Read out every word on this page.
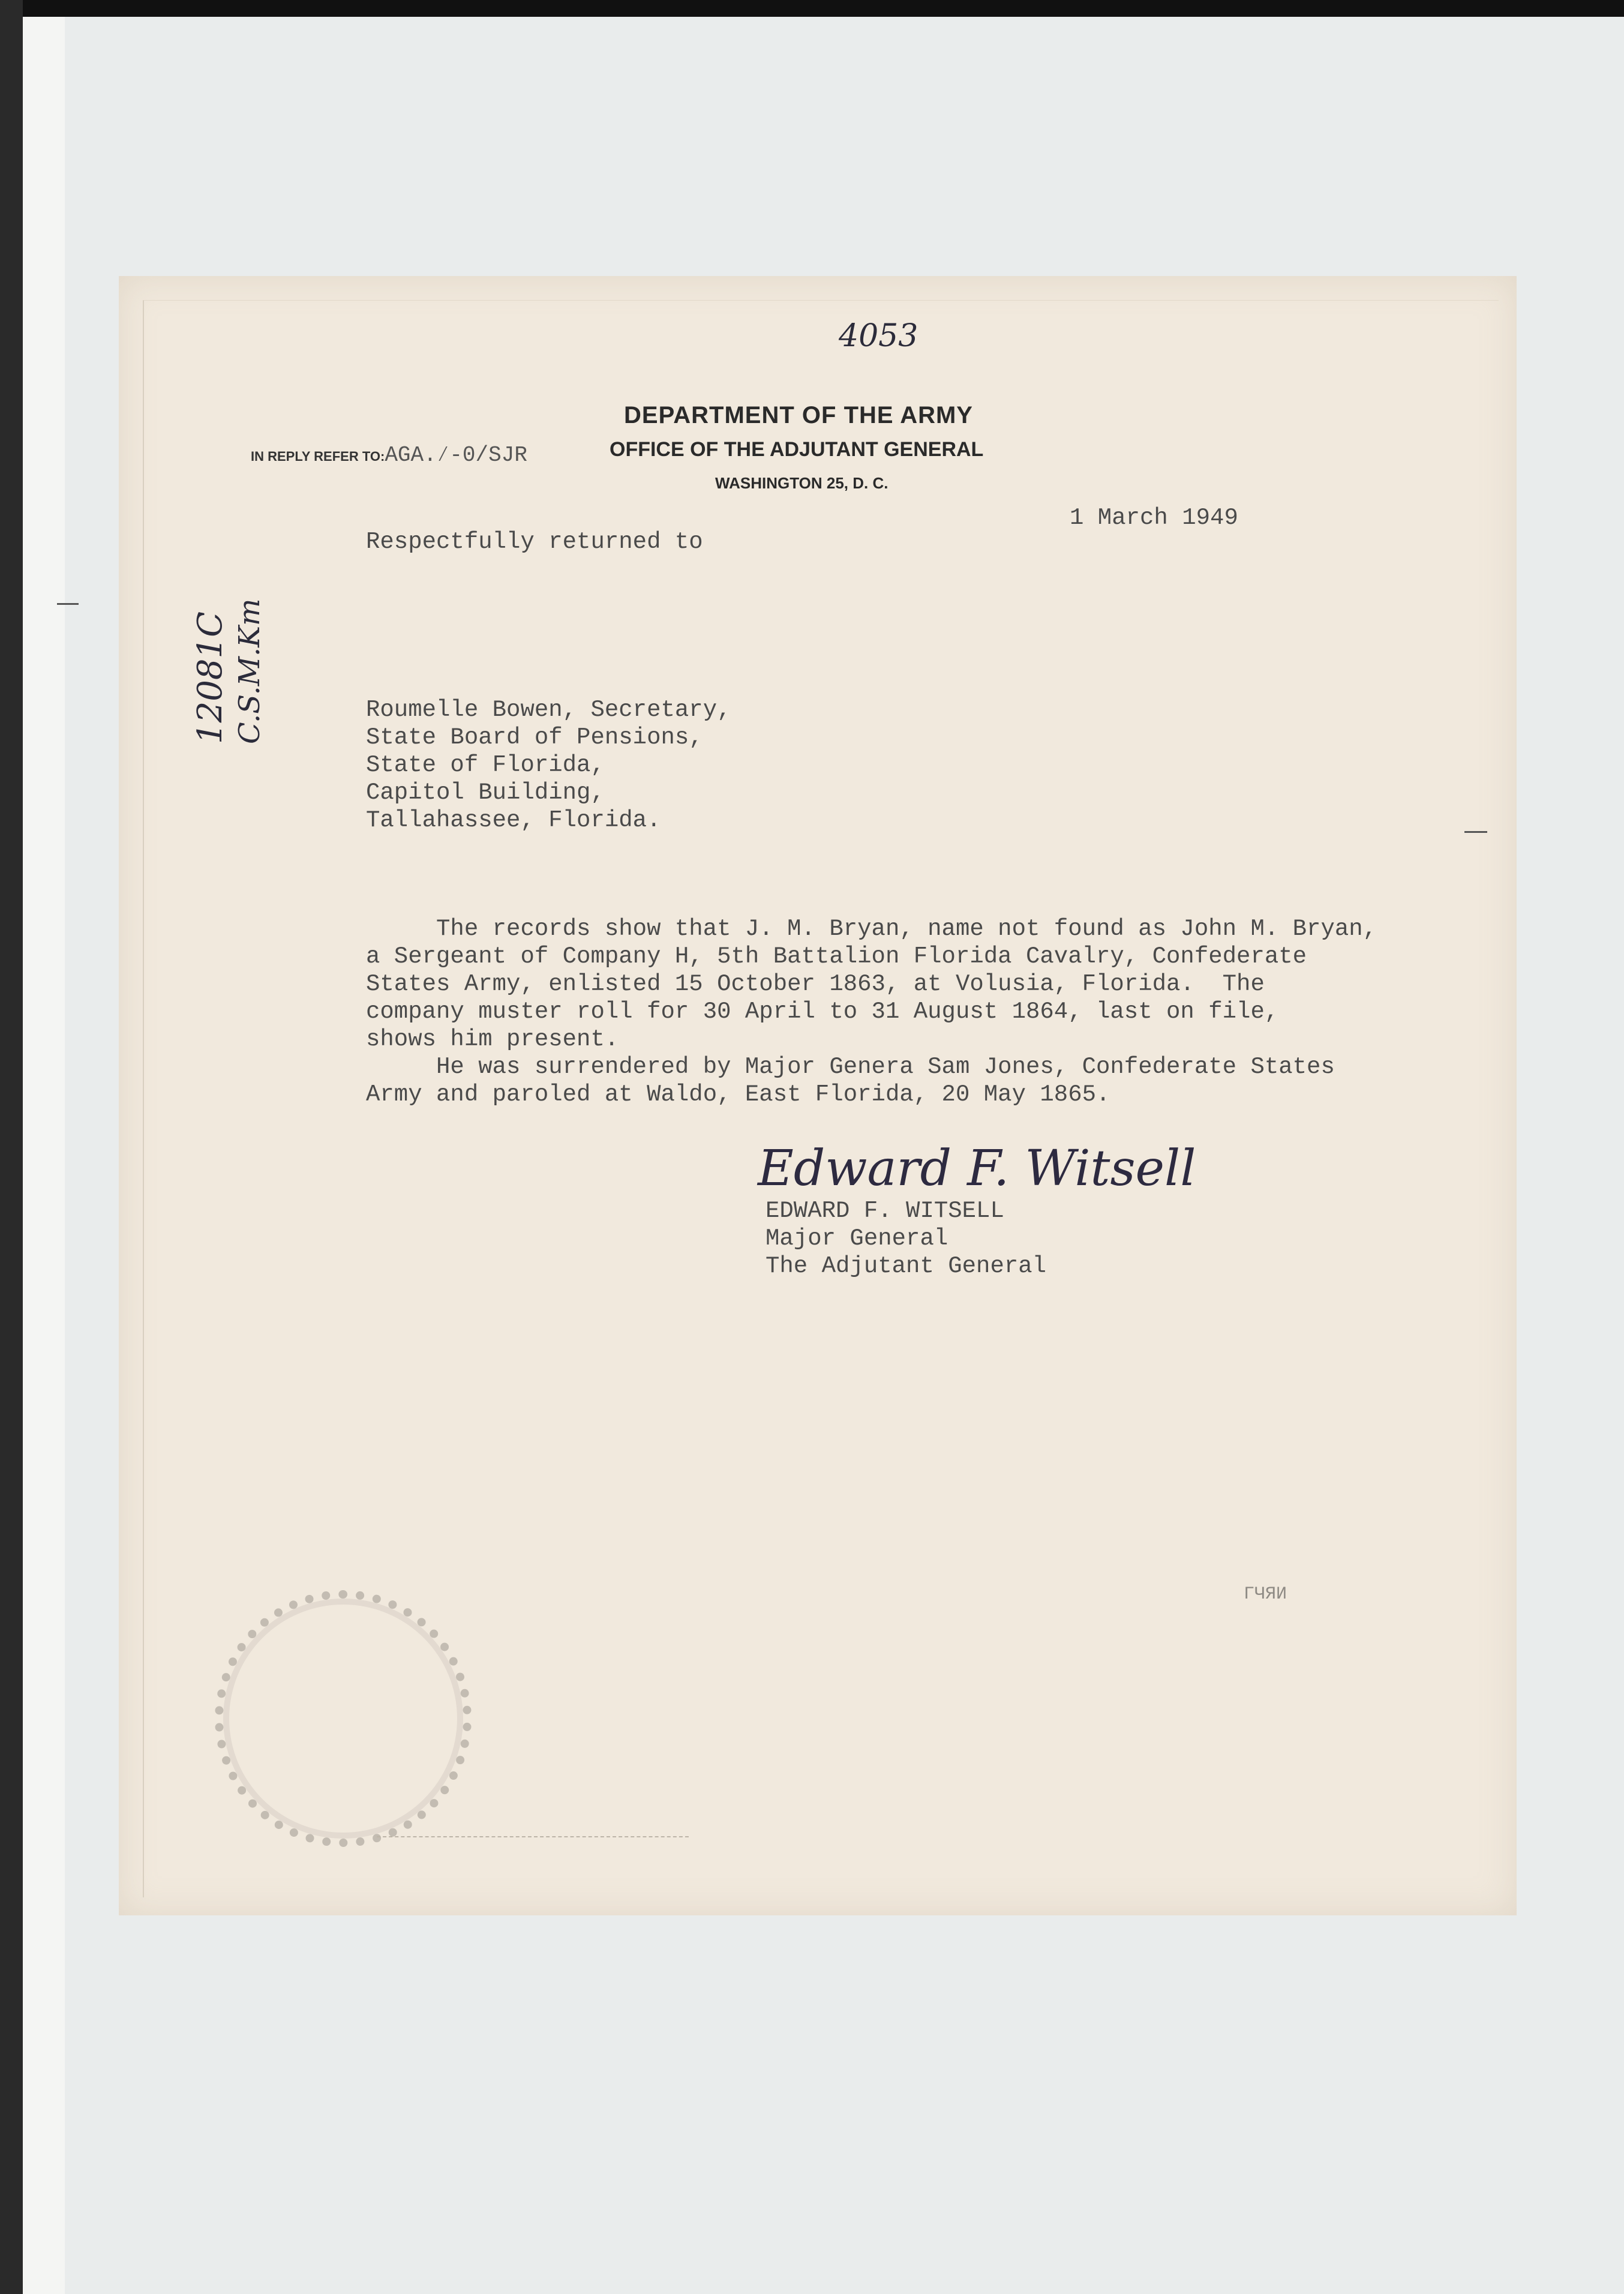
4053
DEPARTMENT OF THE ARMY
IN REPLY REFER TO:AGA.⁄-0/SJR	OFFICE OF THE ADJUTANT GENERAL
WASHINGTON 25, D. C.
1 March 1949
Respectfully returned to
12081C C.S.M.Km	Roumelle Bowen, Secretary,
State Board of Pensions,
State of Florida,
Capitol Building,
Tallahassee, Florida.
The records show that J. M. Bryan, name not found as John M. Bryan,
a Sergeant of Company H, 5th Battalion Florida Cavalry, Confederate
States Army, enlisted 15 October 1863, at Volusia, Florida.  The
company muster roll for 30 April to 31 August 1864, last on file,
shows him present.
He was surrendered by Major Genera Sam Jones, Confederate States
Army and paroled at Waldo, East Florida, 20 May 1865.
Edward F. Witsell
EDWARD F. WITSELL
Major General
The Adjutant General
ГЧЯИ
